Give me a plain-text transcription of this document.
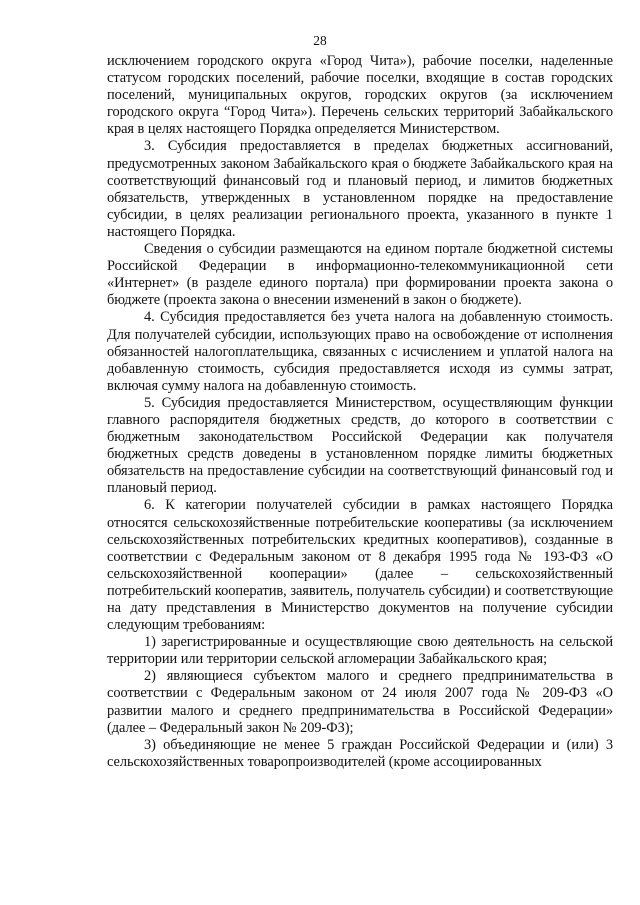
28

исключением городского округа «Город Чита»), рабочие поселки, наделенные статусом городских поселений, рабочие поселки, входящие в состав городских поселений, муниципальных округов, городских округов (за исключением городского округа “Город Чита»). Перечень сельских территорий Забайкальского края в целях настоящего Порядка определяется Министерством.

3. Субсидия предоставляется в пределах бюджетных ассигнований, предусмотренных законом Забайкальского края о бюджете Забайкальского края на соответствующий финансовый год и плановый период, и лимитов бюджетных обязательств, утвержденных в установленном порядке на предоставление субсидии, в целях реализации регионального проекта, указанного в пункте 1 настоящего Порядка.

Сведения о субсидии размещаются на едином портале бюджетной системы Российской Федерации в информационно-телекоммуникационной сети «Интернет» (в разделе единого портала) при формировании проекта закона о бюджете (проекта закона о внесении изменений в закон о бюджете).

4. Субсидия предоставляется без учета налога на добавленную стоимость. Для получателей субсидии, использующих право на освобождение от исполнения обязанностей налогоплательщика, связанных с исчислением и уплатой налога на добавленную стоимость, субсидия предоставляется исходя из суммы затрат, включая сумму налога на добавленную стоимость.

5. Субсидия предоставляется Министерством, осуществляющим функции главного распорядителя бюджетных средств, до которого в соответствии с бюджетным законодательством Российской Федерации как получателя бюджетных средств доведены в установленном порядке лимиты бюджетных обязательств на предоставление субсидии на соответствующий финансовый год и плановый период.

6. К категории получателей субсидии в рамках настоящего Порядка относятся сельскохозяйственные потребительские кооперативы (за исключением сельскохозяйственных потребительских кредитных кооперативов), созданные в соответствии с Федеральным законом от 8 декабря 1995 года № 193-ФЗ «О сельскохозяйственной кооперации» (далее – сельскохозяйственный потребительский кооператив, заявитель, получатель субсидии) и соответствующие на дату представления в Министерство документов на получение субсидии следующим требованиям:

1) зарегистрированные и осуществляющие свою деятельность на сельской территории или территории сельской агломерации Забайкальского края;

2) являющиеся субъектом малого и среднего предпринимательства в соответствии с Федеральным законом от 24 июля 2007 года № 209-ФЗ «О развитии малого и среднего предпринимательства в Российской Федерации» (далее – Федеральный закон № 209-ФЗ);

3) объединяющие не менее 5 граждан Российской Федерации и (или) 3 сельскохозяйственных товаропроизводителей (кроме ассоциированных
